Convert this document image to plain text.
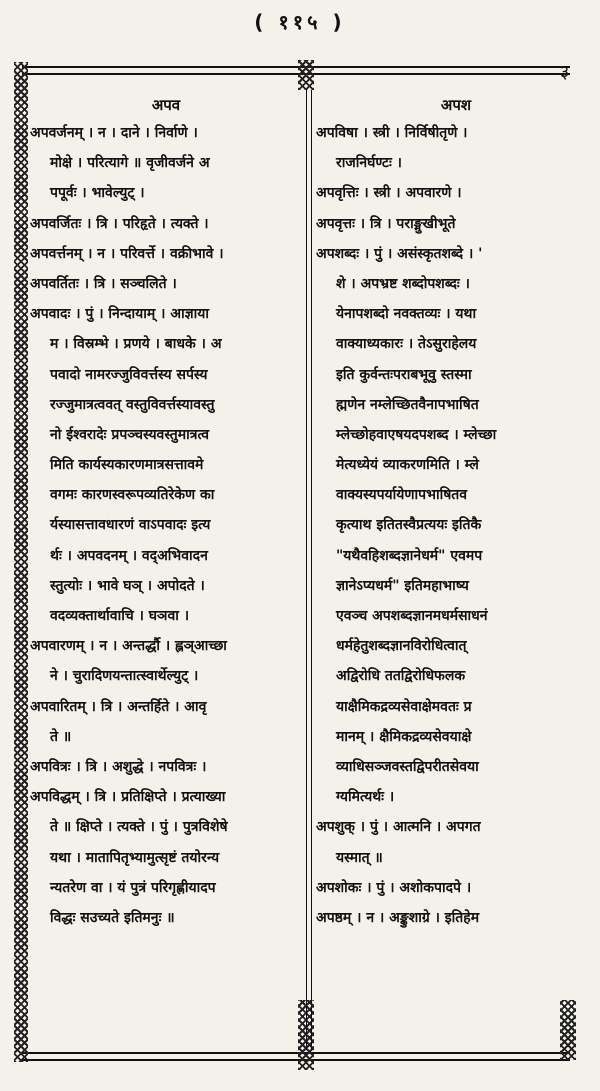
( ११५ )
३
अपव
अपवर्जनम् । न । दाने । निर्वाणे ।
मोक्षे । परित्यागे ॥ वृजीवर्जने अ
पपूर्वः । भावेल्युट् ।
अपवर्जितः । त्रि । परिहृते । त्यक्ते ।
अपवर्त्तनम् । न । परिवर्त्ते । वक्रीभावे ।
अपवर्तितः । त्रि । सञ्चलिते ।
अपवादः । पुं । निन्दायाम् । आज्ञाया
म । विस्रम्भे । प्रणये । बाधके । अ
पवादो नामरज्जुविवर्त्तस्य सर्पस्य
रज्जुमात्रत्ववत् वस्तुविवर्त्तस्यावस्तु
नो ईश्वरादेः प्रपञ्चस्यवस्तुमात्रत्व
मिति कार्यस्यकारणमात्रसत्तावमे
वगमः कारणस्वरूपव्यतिरेकेण का
र्यस्यासत्तावधारणं वाऽपवादः इत्य
र्थः । अपवदनम् । वद्अभिवादन
स्तुत्योः । भावे घञ् । अपोदते ।
वदव्यक्तार्थावाचि । घञवा ।
अपवारणम् । न । अन्तर्द्धौ । ह्लञ्आच्छा
ने । चुरादिणयन्तात्स्वार्थेल्युट् ।
अपवारितम् । त्रि । अन्तर्हिते । आवृ
ते ॥
अपवित्रः । त्रि । अशुद्धे । नपवित्रः ।
अपविद्धम् । त्रि । प्रतिक्षिप्ते । प्रत्याख्या
ते ॥ क्षिप्ते । त्यक्ते । पुं । पुत्रविशेषे
यथा । मातापितृभ्यामुत्सृष्टं तयोरन्य
न्यतरेण वा । यं पुत्रं परिगृह्णीयादप
विद्धः सउच्यते इतिमनुः ॥
अपश
अपविषा । स्त्री । निर्विषीतृणे ।
राजनिर्घण्टः ।
अपवृत्तिः । स्त्री । अपवारणे ।
अपवृत्तः । त्रि । पराङ्मुखीभूते
अपशब्दः । पुं । असंस्कृतशब्दे । '
शे । अपभ्रष्ट शब्दोपशब्दः ।
येनापशब्दो नवक्तव्यः । यथा
वाक्याध्यकारः । तेऽसुराहेलय
इति कुर्वन्तःपराबभूवु स्तस्मा
ह्मणेन नम्लेच्छितवैनापभाषित
म्लेच्छोहवाएषयदपशब्द । म्लेच्छा
मेत्यध्येयं व्याकरणमिति । म्ले
वाक्यस्यपर्यायेणापभाषितव
कृत्याथ इतितस्वैप्रत्ययः इतिकै
"यथैवहिशब्दज्ञानेधर्म" एवमप
ज्ञानेऽप्यधर्म" इतिमहाभाष्य
एवञ्च अपशब्दज्ञानमधर्मसाधनं
धर्महेतुशब्दज्ञानविरोधित्वात्
अद्विरोधि ततद्विरोधिफलक
याक्षैमिकद्रव्यसेवाक्षेमवतः प्र
मानम् । क्षैमिकद्रव्यसेवयाक्षे
व्याधिसञ्जवस्तद्विपरीतसेवया
ग्यमित्यर्थः ।
अपशुक् । पुं । आत्मनि । अपगत
यस्मात् ॥
अपशोकः । पुं । अशोकपादपे ।
अपष्ठम् । न । अङ्कुशाग्रे । इतिहेम
